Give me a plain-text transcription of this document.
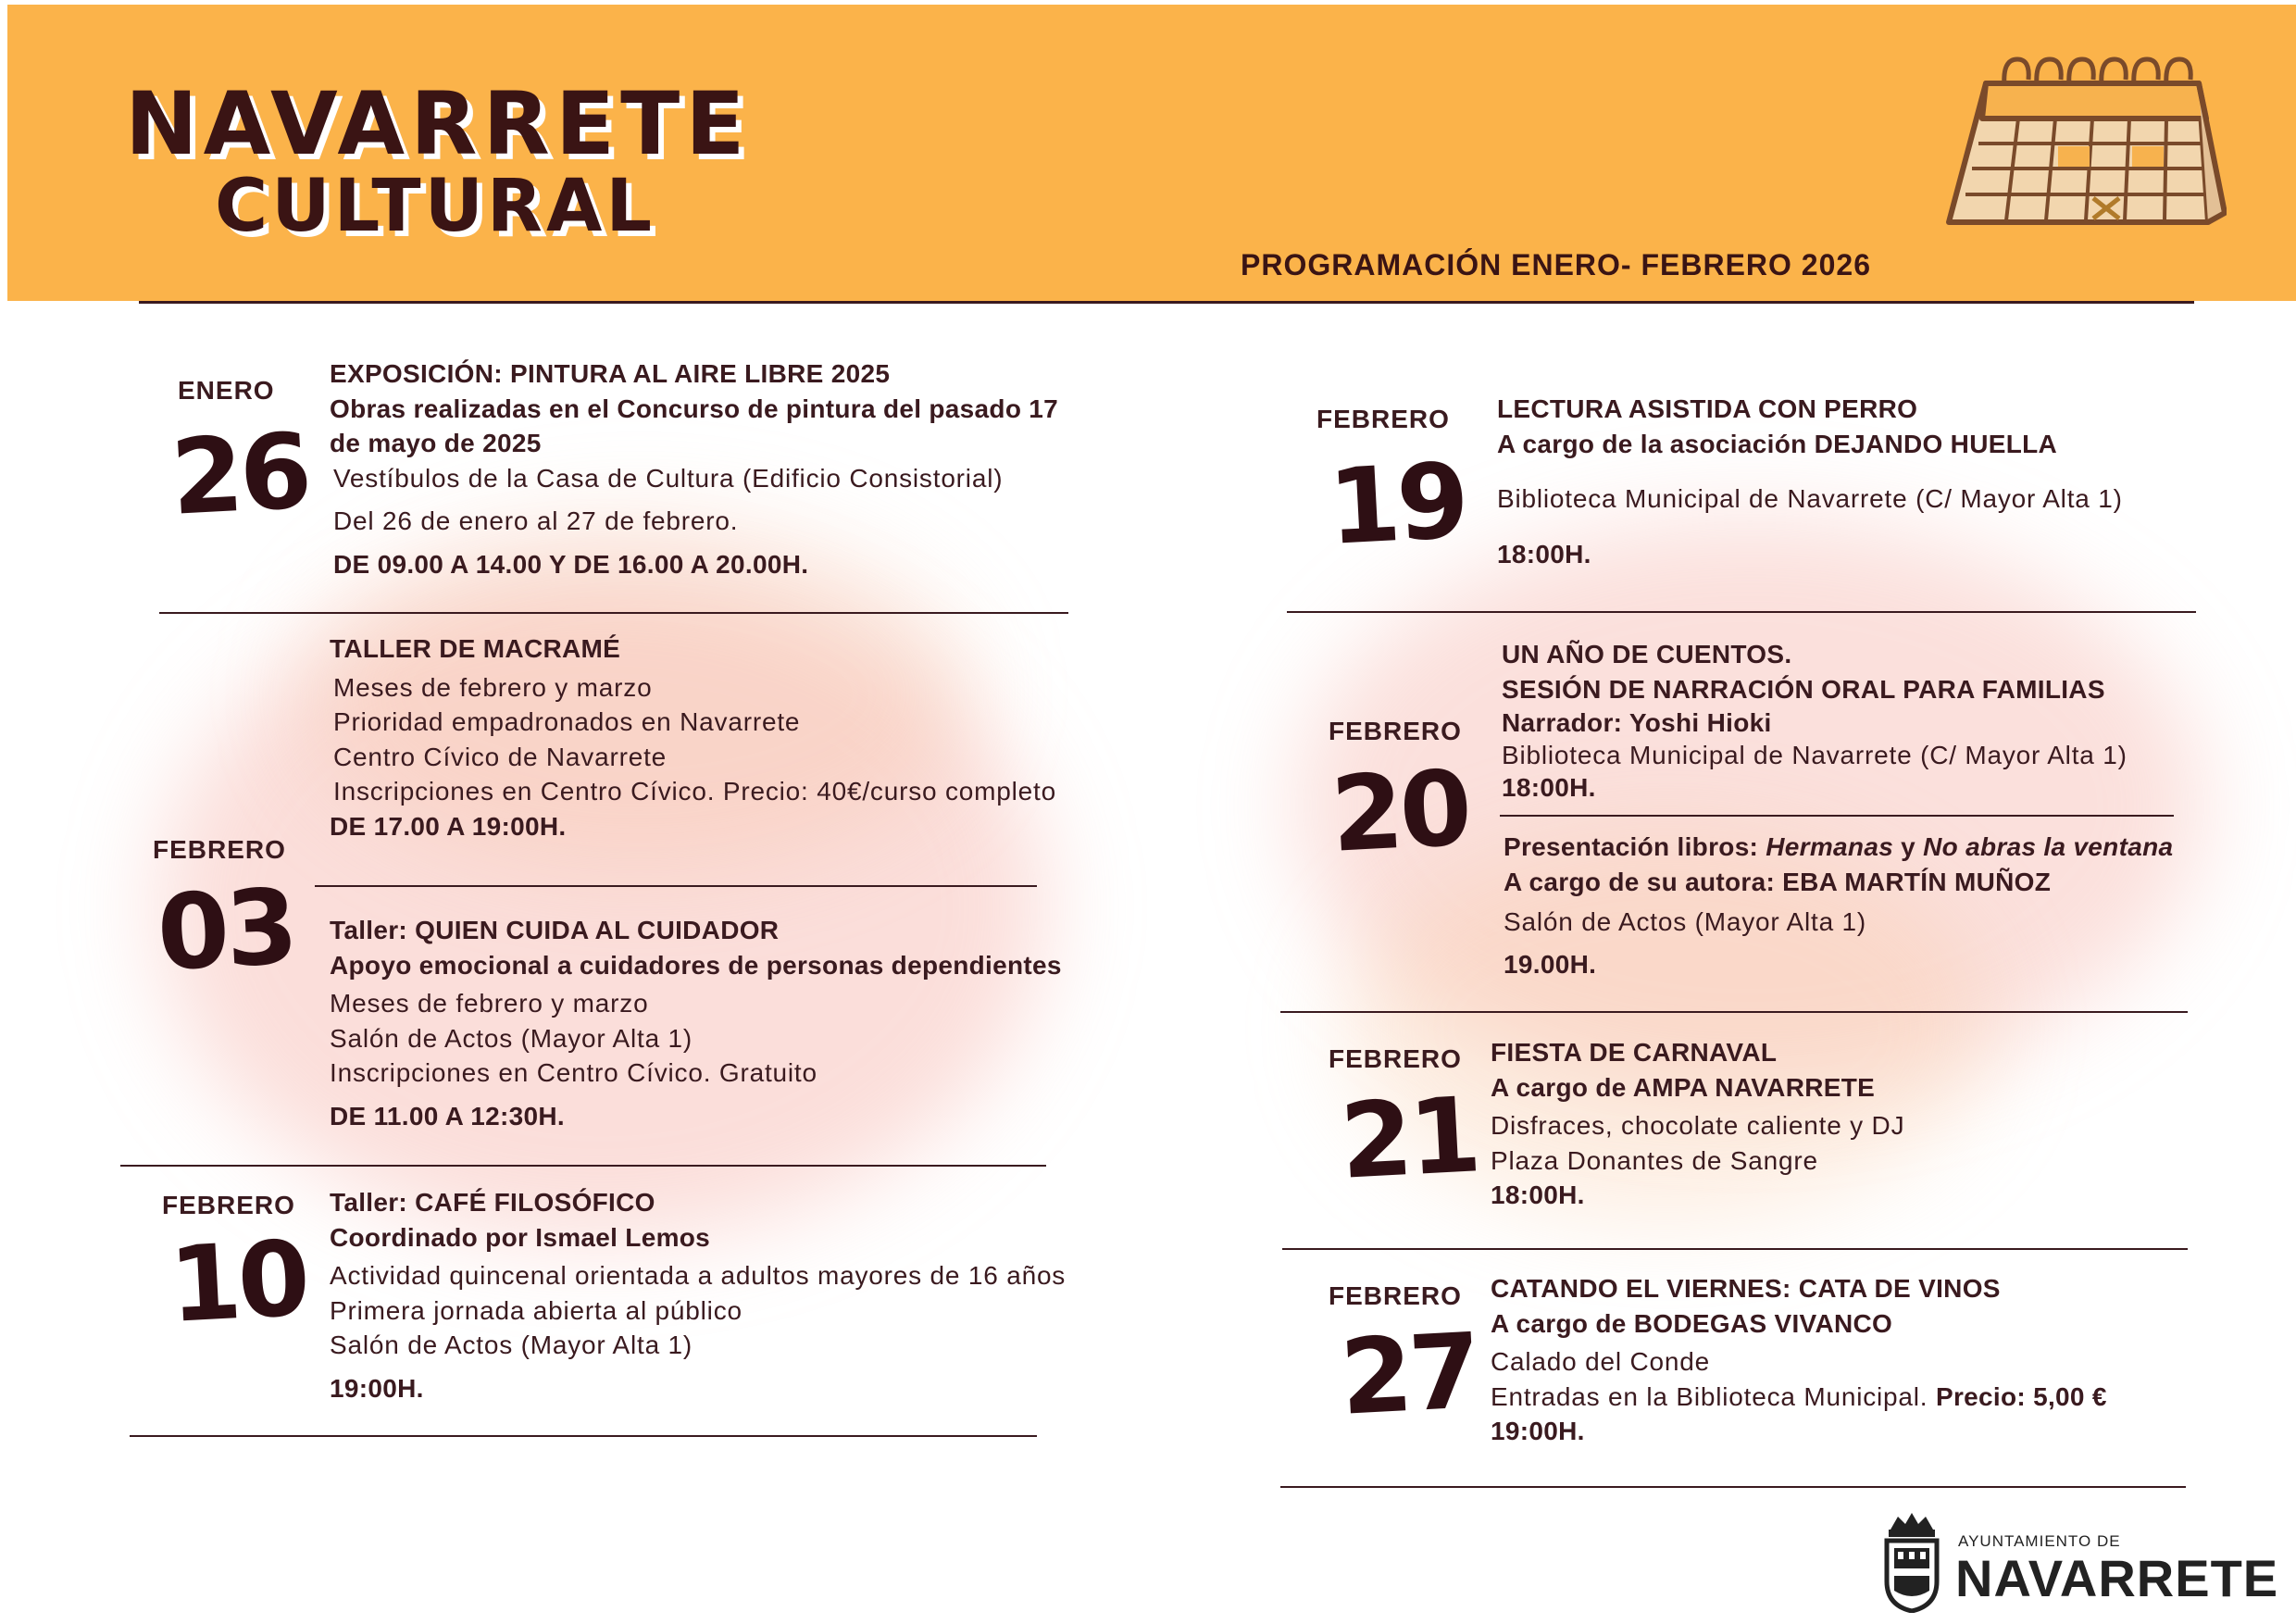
NAVARRETE
CULTURAL
PROGRAMACIÓN ENERO- FEBRERO 2026
ENERO
26
EXPOSICIÓN: PINTURA AL AIRE LIBRE 2025
Obras realizadas en el Concurso de pintura del pasado 17
de mayo de 2025
Vestíbulos de la Casa de Cultura (Edificio Consistorial)
Del 26 de enero al 27 de febrero.
DE 09.00 A 14.00 Y DE 16.00 A 20.00H.
FEBRERO
03
TALLER DE MACRAMÉ
Meses de febrero y marzo
Prioridad empadronados en Navarrete
Centro Cívico de Navarrete
Inscripciones en Centro Cívico. Precio: 40€/curso completo
DE 17.00 A 19:00H.
Taller: QUIEN CUIDA AL CUIDADOR
Apoyo emocional a cuidadores de personas dependientes
Meses de febrero y marzo
Salón de Actos (Mayor Alta 1)
Inscripciones en Centro Cívico. Gratuito
DE 11.00 A 12:30H.
FEBRERO
10
Taller: CAFÉ FILOSÓFICO
Coordinado por Ismael Lemos
Actividad quincenal orientada a adultos mayores de 16 años
Primera jornada abierta al público
Salón de Actos (Mayor Alta 1)
19:00H.
FEBRERO
19
LECTURA ASISTIDA CON PERRO
A cargo de la asociación DEJANDO HUELLA
Biblioteca Municipal de Navarrete (C/ Mayor Alta 1)
18:00H.
FEBRERO
20
UN AÑO DE CUENTOS.
SESIÓN DE NARRACIÓN ORAL PARA FAMILIAS
Narrador: Yoshi Hioki
Biblioteca Municipal de Navarrete (C/ Mayor Alta 1)
18:00H.
Presentación libros: Hermanas y No abras la ventana
A cargo de su autora: EBA MARTÍN MUÑOZ
Salón de Actos (Mayor Alta 1)
19.00H.
FEBRERO
21
FIESTA DE CARNAVAL
A cargo de AMPA NAVARRETE
Disfraces, chocolate caliente y DJ
Plaza Donantes de Sangre
18:00H.
FEBRERO
27
CATANDO EL VIERNES: CATA DE VINOS
A cargo de BODEGAS VIVANCO
Calado del Conde
Entradas en la Biblioteca Municipal. Precio: 5,00 €
19:00H.
AYUNTAMIENTO DE
NAVARRETE
